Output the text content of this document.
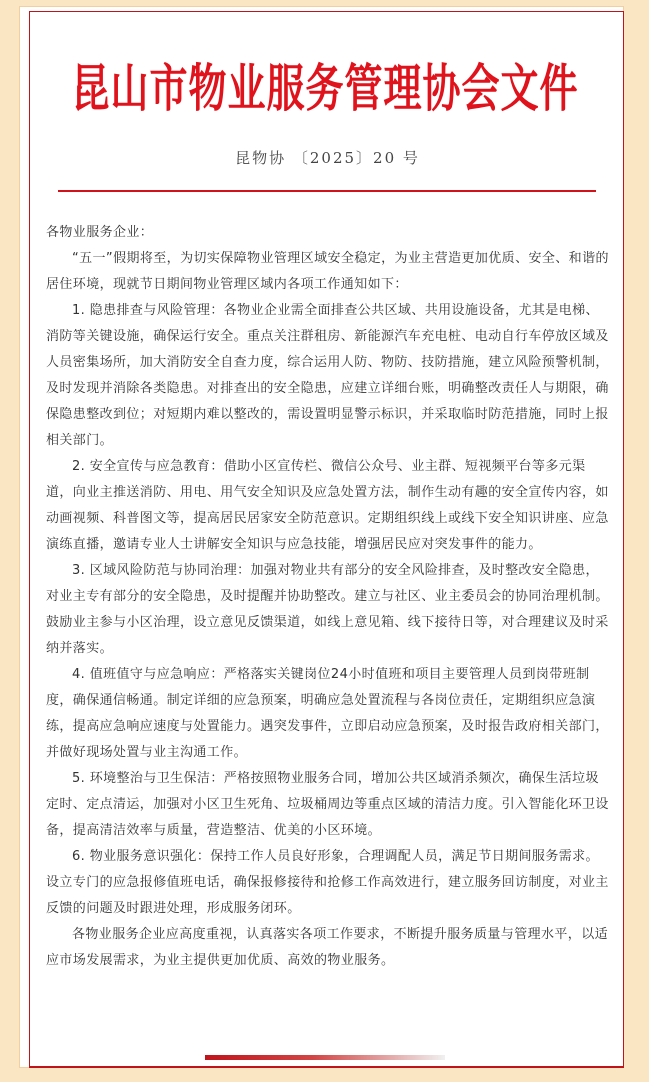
昆山市物业服务管理协会文件
昆物协 〔2025〕20 号

各物业服务企业：

“五一”假期将至，为切实保障物业管理区域安全稳定，为业主营造更加优质、安全、和谐的居住环境，现就节日期间物业管理区域内各项工作通知如下：

1. 隐患排查与风险管理：各物业企业需全面排查公共区域、共用设施设备，尤其是电梯、消防等关键设施，确保运行安全。重点关注群租房、新能源汽车充电桩、电动自行车停放区域及人员密集场所，加大消防安全自查力度，综合运用人防、物防、技防措施，建立风险预警机制，及时发现并消除各类隐患。对排查出的安全隐患，应建立详细台账，明确整改责任人与期限，确保隐患整改到位；对短期内难以整改的，需设置明显警示标识，并采取临时防范措施，同时上报相关部门。

2. 安全宣传与应急教育：借助小区宣传栏、微信公众号、业主群、短视频平台等多元渠道，向业主推送消防、用电、用气安全知识及应急处置方法，制作生动有趣的安全宣传内容，如动画视频、科普图文等，提高居民居家安全防范意识。定期组织线上或线下安全知识讲座、应急演练直播，邀请专业人士讲解安全知识与应急技能，增强居民应对突发事件的能力。

3. 区域风险防范与协同治理：加强对物业共有部分的安全风险排查，及时整改安全隐患，对业主专有部分的安全隐患，及时提醒并协助整改。建立与社区、业主委员会的协同治理机制。鼓励业主参与小区治理，设立意见反馈渠道，如线上意见箱、线下接待日等，对合理建议及时采纳并落实。

4. 值班值守与应急响应：严格落实关键岗位24小时值班和项目主要管理人员到岗带班制度，确保通信畅通。制定详细的应急预案，明确应急处置流程与各岗位责任，定期组织应急演练，提高应急响应速度与处置能力。遇突发事件，立即启动应急预案，及时报告政府相关部门，并做好现场处置与业主沟通工作。

5. 环境整治与卫生保洁：严格按照物业服务合同，增加公共区域消杀频次，确保生活垃圾定时、定点清运，加强对小区卫生死角、垃圾桶周边等重点区域的清洁力度。引入智能化环卫设备，提高清洁效率与质量，营造整洁、优美的小区环境。

6. 物业服务意识强化：保持工作人员良好形象，合理调配人员，满足节日期间服务需求。设立专门的应急报修值班电话，确保报修接待和抢修工作高效进行，建立服务回访制度，对业主反馈的问题及时跟进处理，形成服务闭环。

各物业服务企业应高度重视，认真落实各项工作要求，不断提升服务质量与管理水平，以适应市场发展需求，为业主提供更加优质、高效的物业服务。
